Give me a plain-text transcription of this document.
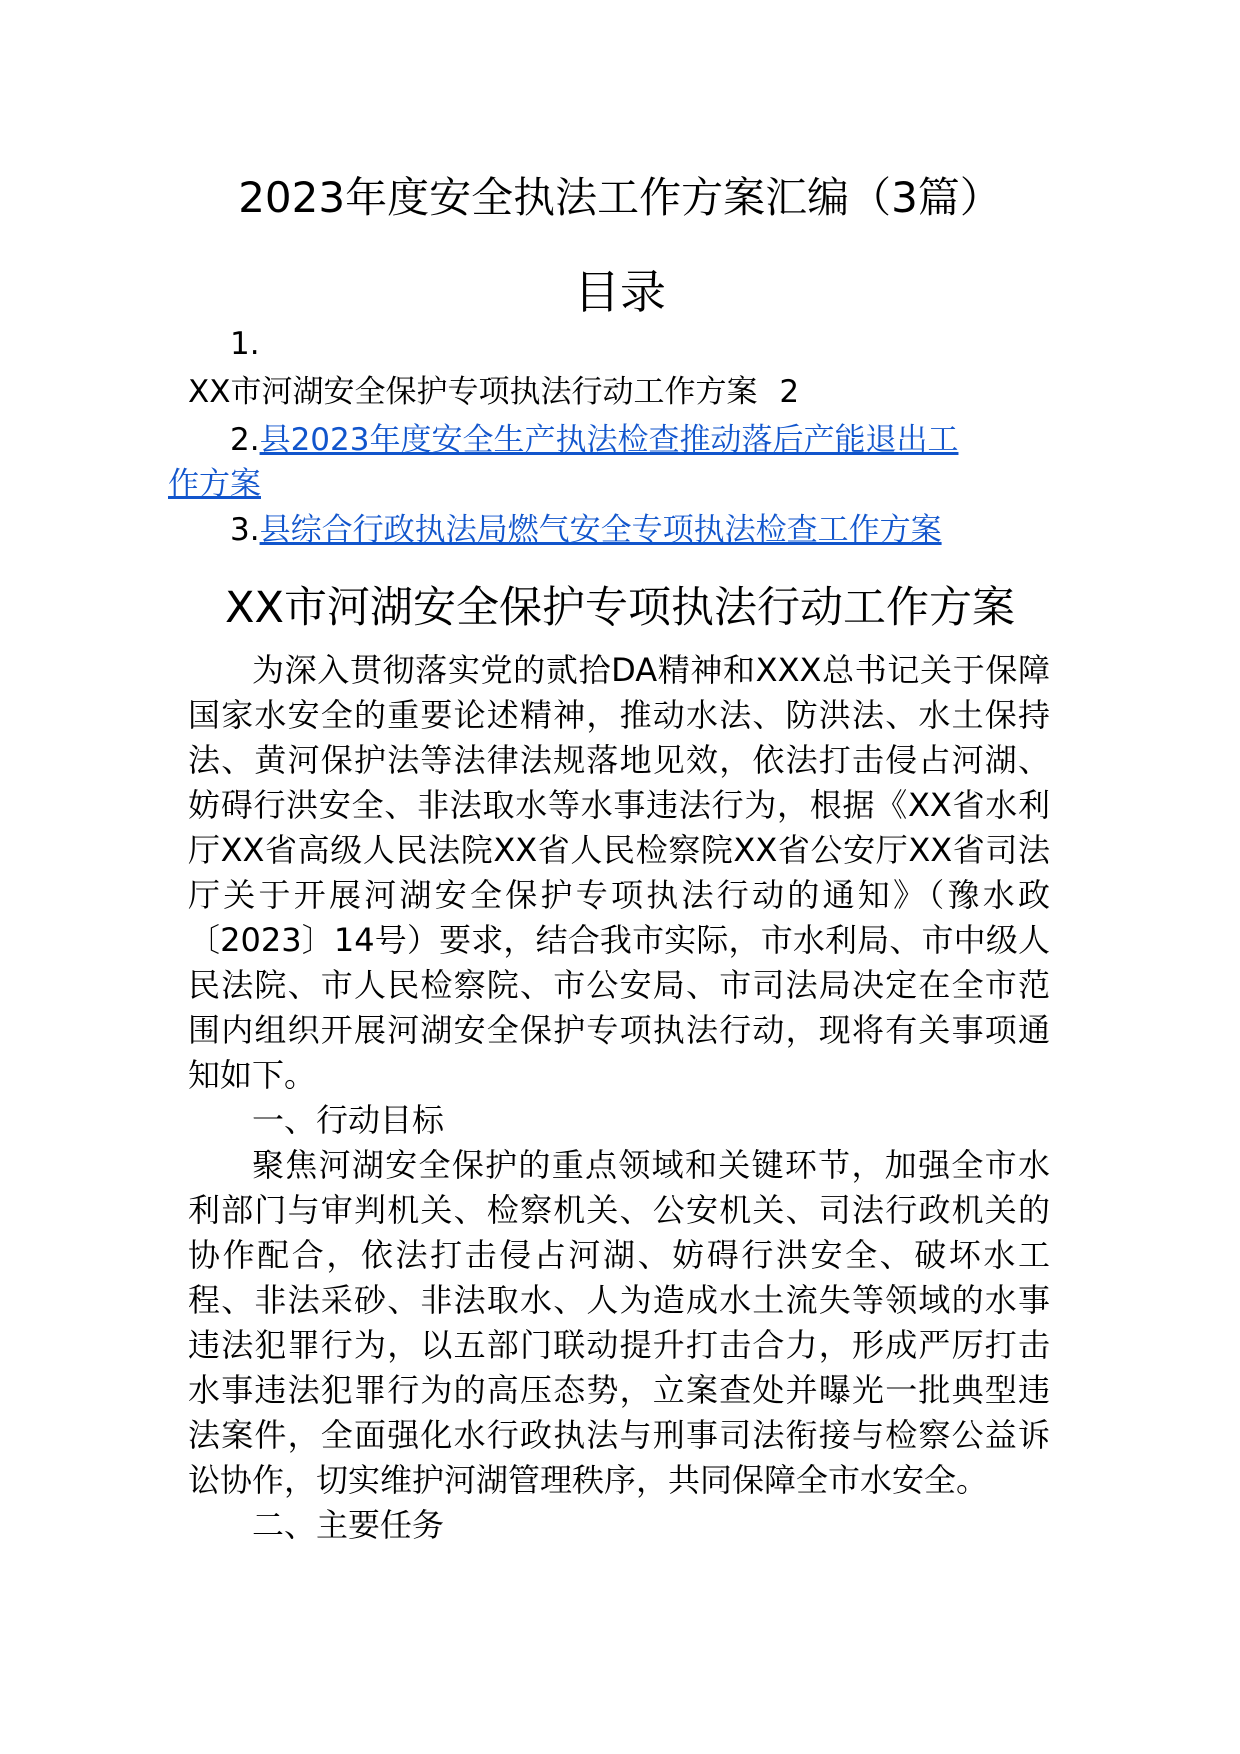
2023年度安全执法工作方案汇编（3篇）
目录
1.
XX市河湖安全保护专项执法行动工作方案 2
2.县2023年度安全生产执法检查推动落后产能退出工
作方案
3.县综合行政执法局燃气安全专项执法检查工作方案
XX市河湖安全保护专项执法行动工作方案

为深入贯彻落实党的贰拾DA精神和XXX总书记关于保障国家水安全的重要论述精神，推动水法、防洪法、水土保持法、黄河保护法等法律法规落地见效，依法打击侵占河湖、妨碍行洪安全、非法取水等水事违法行为，根据《XX省水利厅XX省高级人民法院XX省人民检察院XX省公安厅XX省司法厅关于开展河湖安全保护专项执法行动的通知》（豫水政〔2023〕14号）要求，结合我市实际，市水利局、市中级人民法院、市人民检察院、市公安局、市司法局决定在全市范围内组织开展河湖安全保护专项执法行动，现将有关事项通知如下。

一、行动目标

聚焦河湖安全保护的重点领域和关键环节，加强全市水利部门与审判机关、检察机关、公安机关、司法行政机关的协作配合，依法打击侵占河湖、妨碍行洪安全、破坏水工程、非法采砂、非法取水、人为造成水土流失等领域的水事违法犯罪行为，以五部门联动提升打击合力，形成严厉打击水事违法犯罪行为的高压态势，立案查处并曝光一批典型违法案件，全面强化水行政执法与刑事司法衔接与检察公益诉讼协作，切实维护河湖管理秩序，共同保障全市水安全。

二、主要任务
